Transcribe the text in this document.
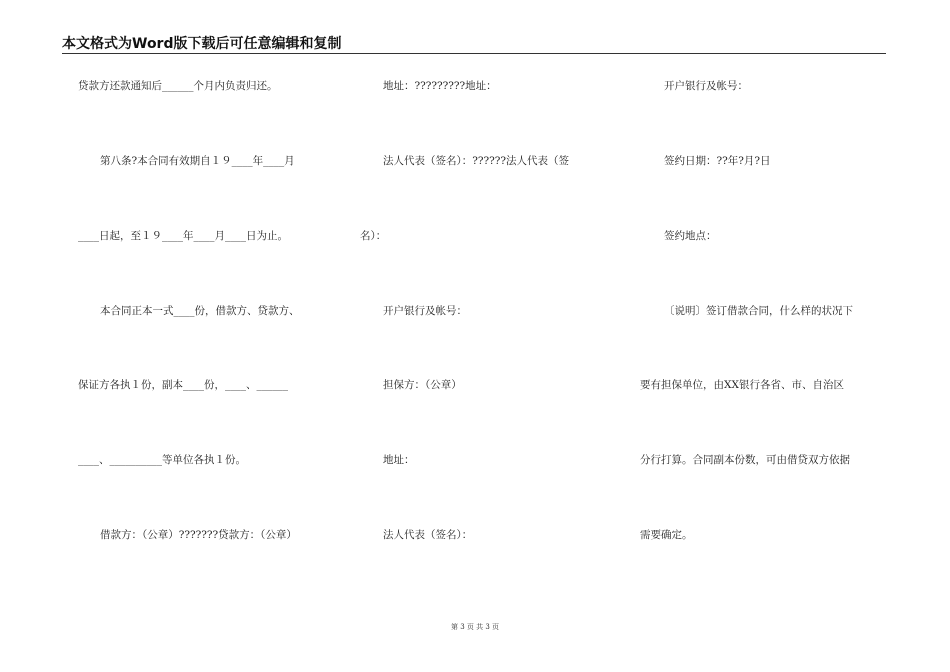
本文格式为Word版下载后可任意编辑和复制
贷款方还款通知后______个月内负责归还。
第八条?本合同有效期自１９____年____月
____日起，至１９____年____月____日为止。
本合同正本一式____份，借款方、贷款方、
保证方各执１份，副本____份，____、______
____、__________等单位各执１份。
借款方：（公章）???????贷款方：（公章）
地址：?????????地址：
法人代表（签名）：??????法人代表（签
名）：
开户银行及帐号：
担保方：（公章）
地址：
法人代表（签名）：
开户银行及帐号：
签约日期：??年?月?日
签约地点：
〔说明〕签订借款合同，什么样的状况下
要有担保单位，由XX银行各省、市、自治区
分行打算。合同副本份数，可由借贷双方依据
需要确定。
第 3 页 共 3 页
